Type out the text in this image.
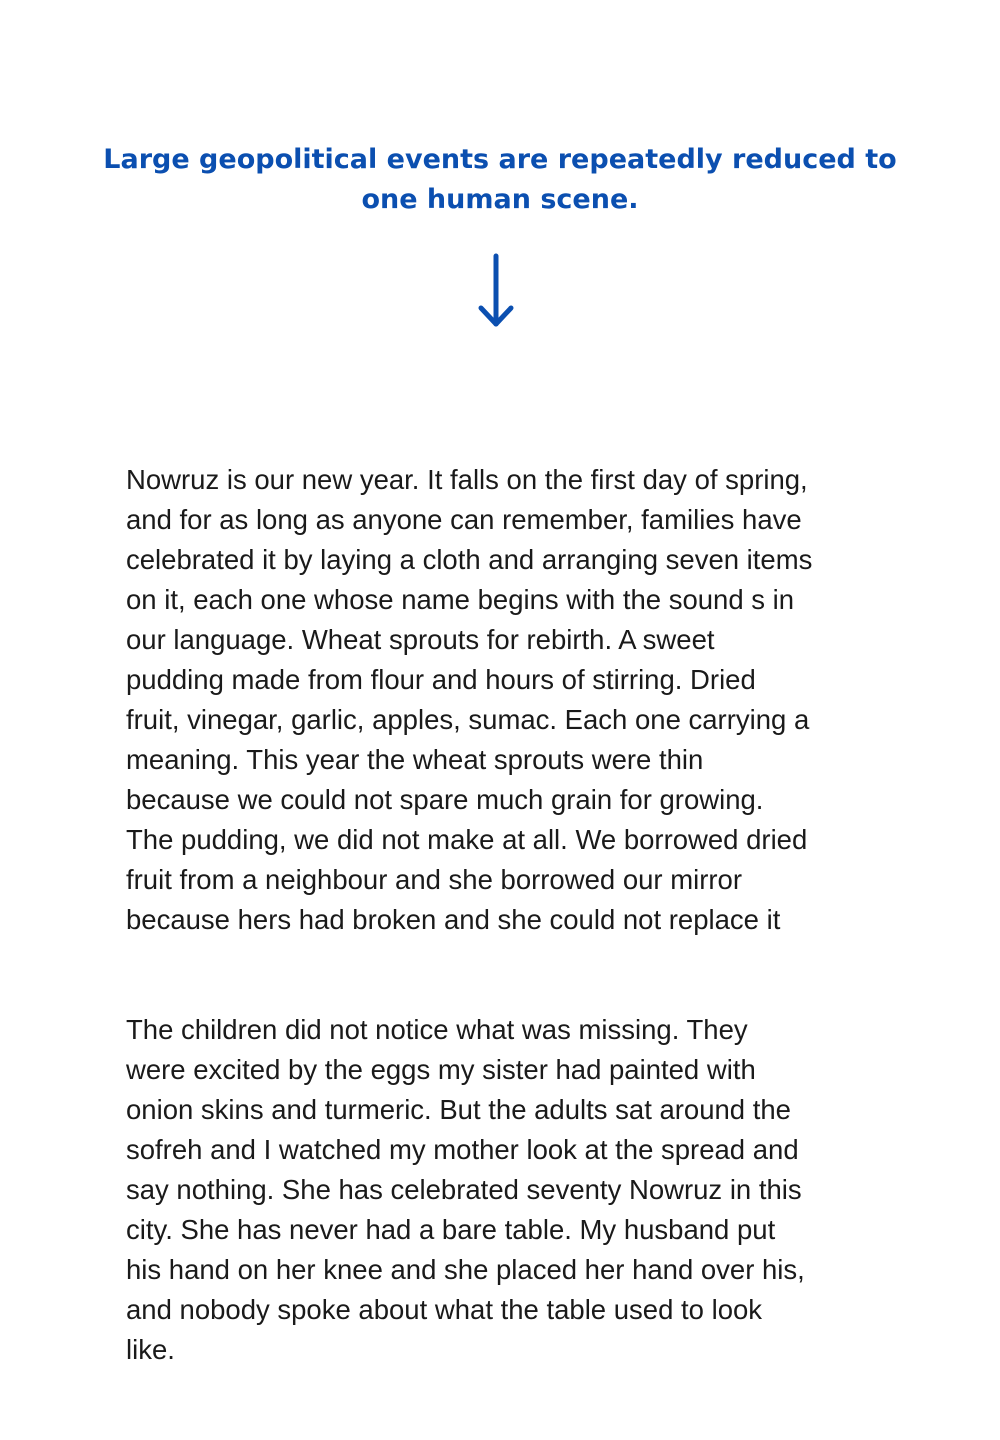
Large geopolitical events are repeatedly reduced to one human scene.

Nowruz is our new year. It falls on the first day of spring,
and for as long as anyone can remember, families have
celebrated it by laying a cloth and arranging seven items
on it, each one whose name begins with the sound s in
our language. Wheat sprouts for rebirth. A sweet
pudding made from flour and hours of stirring. Dried
fruit, vinegar, garlic, apples, sumac. Each one carrying a
meaning. This year the wheat sprouts were thin
because we could not spare much grain for growing.
The pudding, we did not make at all. We borrowed dried
fruit from a neighbour and she borrowed our mirror
because hers had broken and she could not replace it

The children did not notice what was missing. They
were excited by the eggs my sister had painted with
onion skins and turmeric. But the adults sat around the
sofreh and I watched my mother look at the spread and
say nothing. She has celebrated seventy Nowruz in this
city. She has never had a bare table. My husband put
his hand on her knee and she placed her hand over his,
and nobody spoke about what the table used to look
like.
